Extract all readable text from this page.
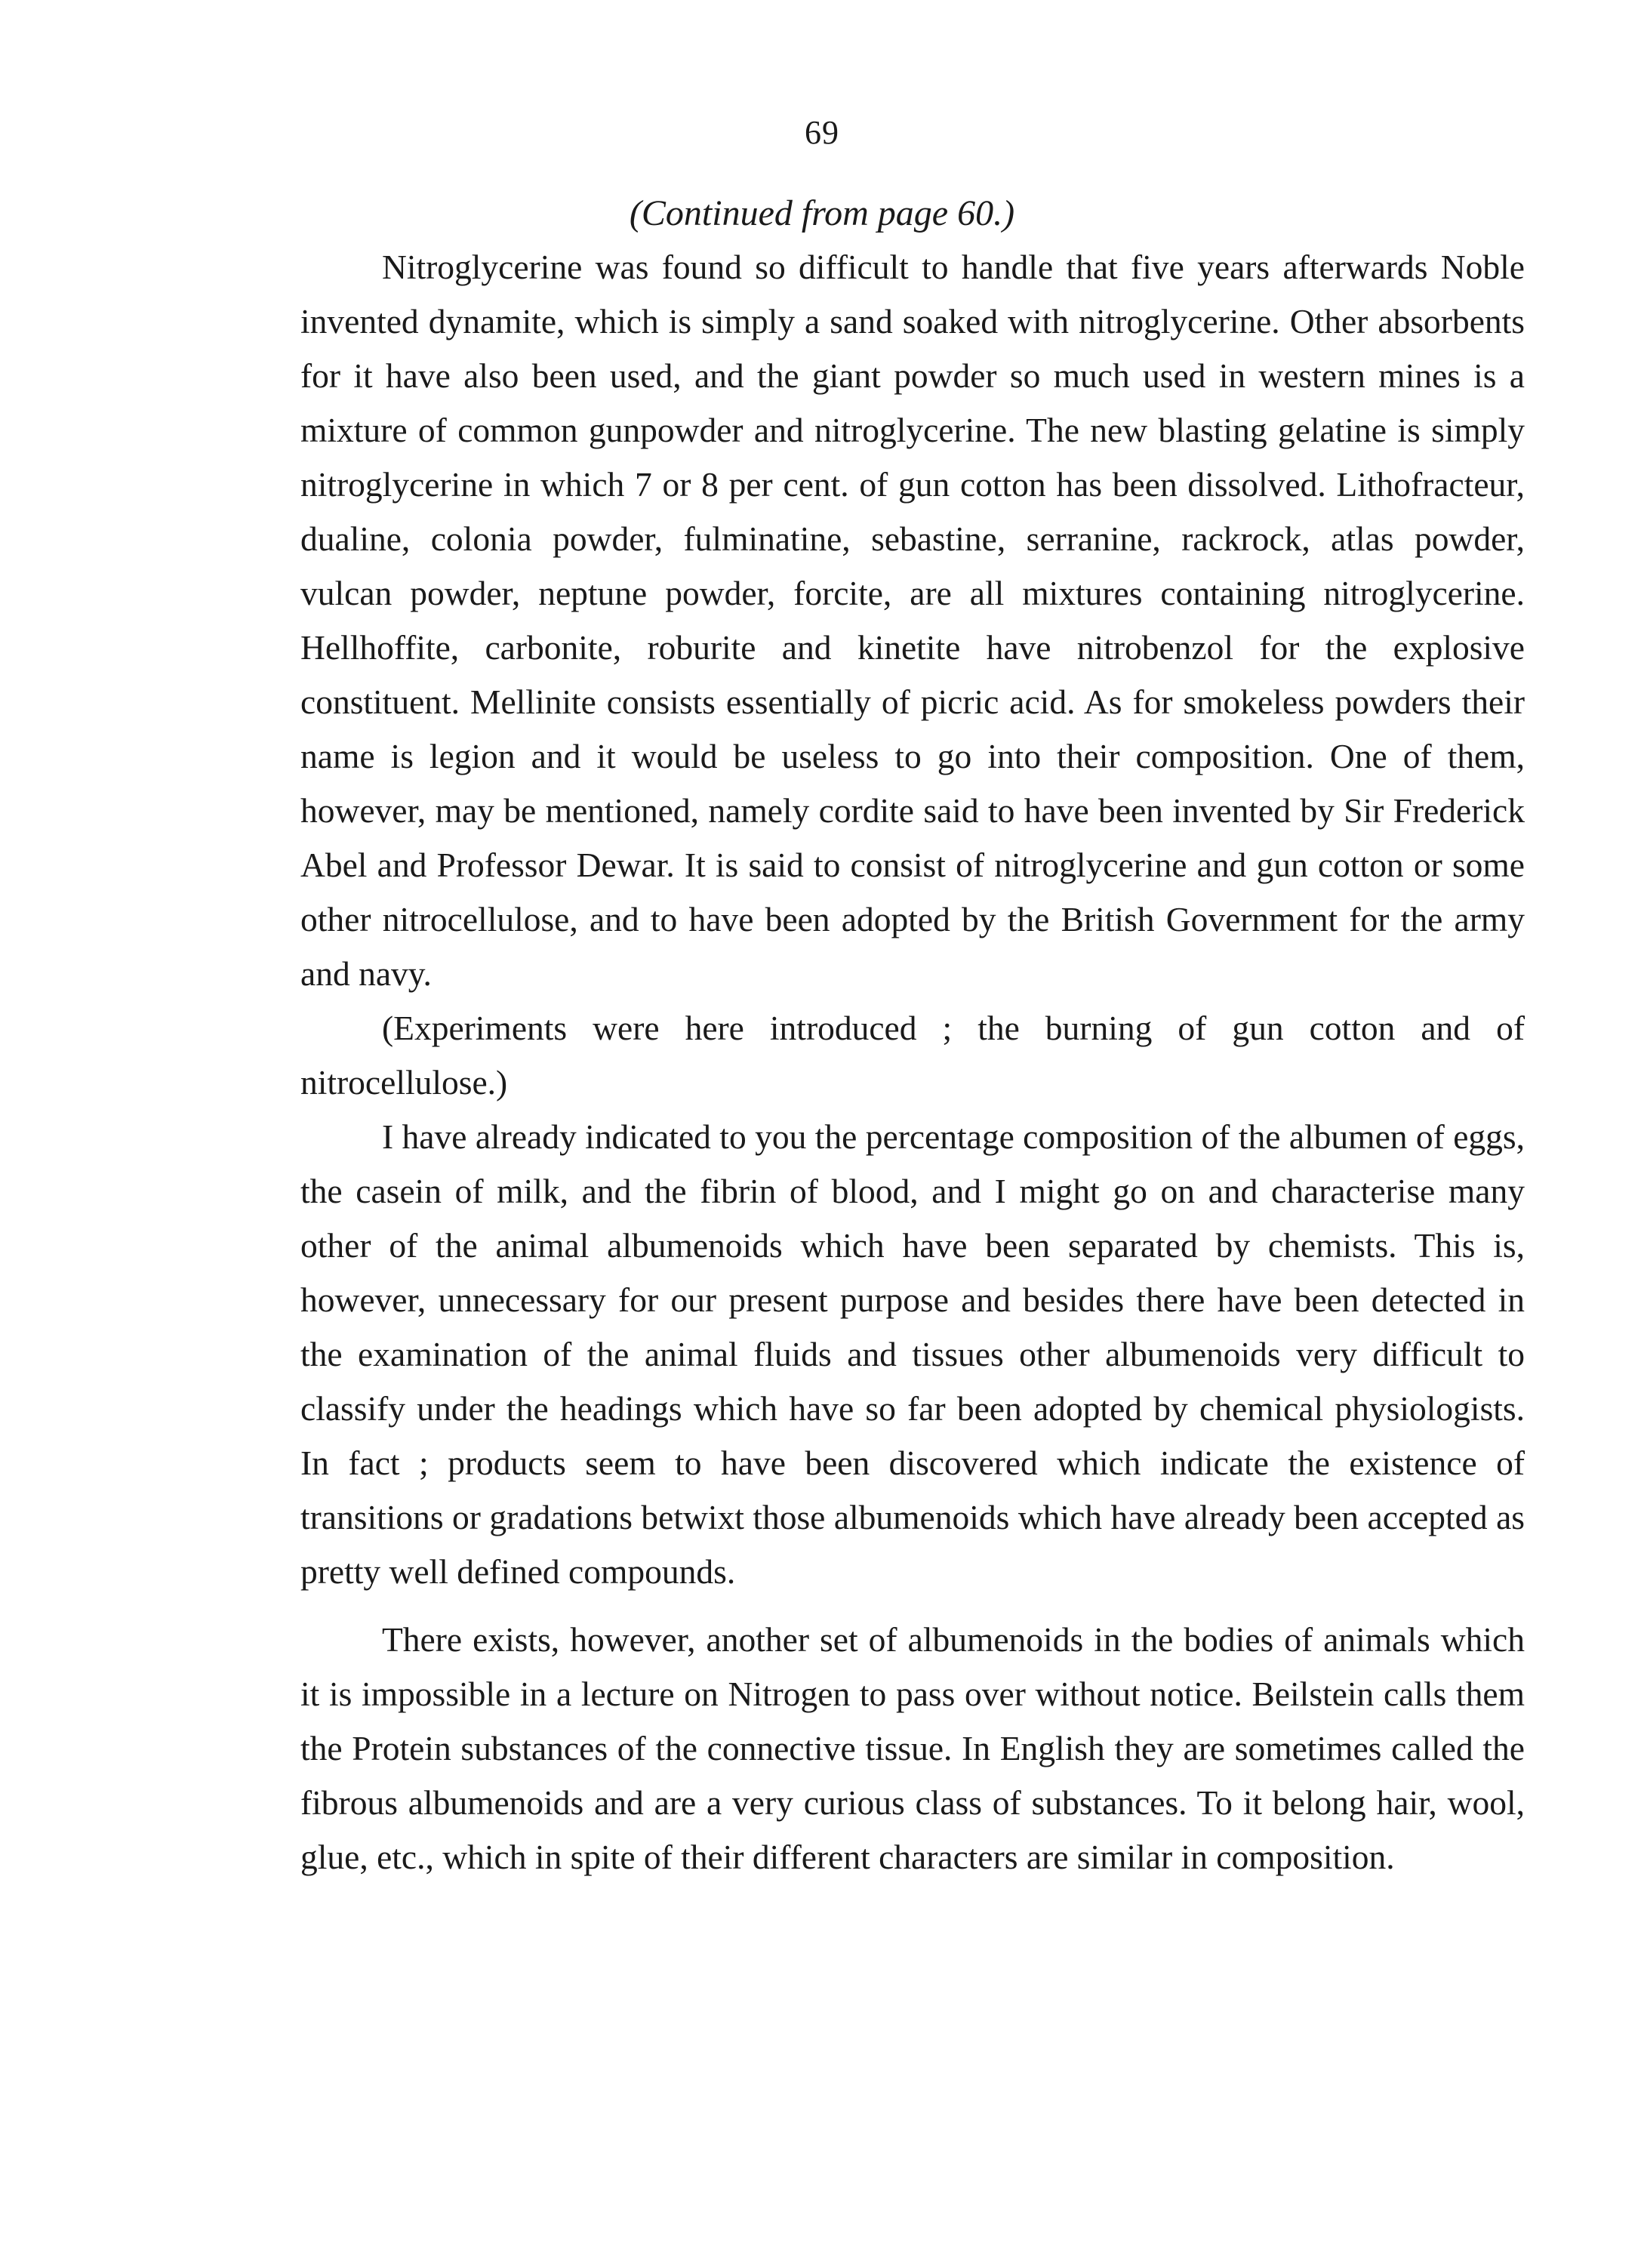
69
(Continued from page 60.)

Nitroglycerine was found so difficult to handle that five years afterwards Noble invented dynamite, which is simply a sand soaked with nitroglycerine. Other absorbents for it have also been used, and the giant powder so much used in western mines is a mixture of common gunpowder and nitroglycerine. The new blasting gelatine is simply nitroglycerine in which 7 or 8 per cent. of gun cotton has been dissolved. Lithofracteur, dualine, colonia powder, fulminatine, sebastine, serranine, rackrock, atlas powder, vulcan powder, neptune powder, forcite, are all mixtures containing nitroglycerine. Hellhoffite, carbonite, roburite and kinetite have nitrobenzol for the explosive constituent. Mellinite consists essentially of picric acid. As for smokeless powders their name is legion and it would be useless to go into their composition. One of them, however, may be mentioned, namely cordite said to have been invented by Sir Frederick Abel and Professor Dewar. It is said to consist of nitroglycerine and gun cotton or some other nitrocellulose, and to have been adopted by the British Government for the army and navy.

(Experiments were here introduced ; the burning of gun cotton and of nitrocellulose.)

I have already indicated to you the percentage composition of the albumen of eggs, the casein of milk, and the fibrin of blood, and I might go on and characterise many other of the animal albumenoids which have been separated by chemists. This is, however, unnecessary for our present purpose and besides there have been detected in the examination of the animal fluids and tissues other albumenoids very difficult to classify under the headings which have so far been adopted by chemical physiologists. In fact ; products seem to have been discovered which indicate the existence of transitions or gradations betwixt those albumenoids which have already been accepted as pretty well defined compounds.

There exists, however, another set of albumenoids in the bodies of animals which it is impossible in a lecture on Nitrogen to pass over without notice. Beilstein calls them the Protein substances of the connective tissue. In English they are sometimes called the fibrous albumenoids and are a very curious class of substances. To it belong hair, wool, glue, etc., which in spite of their different characters are similar in composition.
